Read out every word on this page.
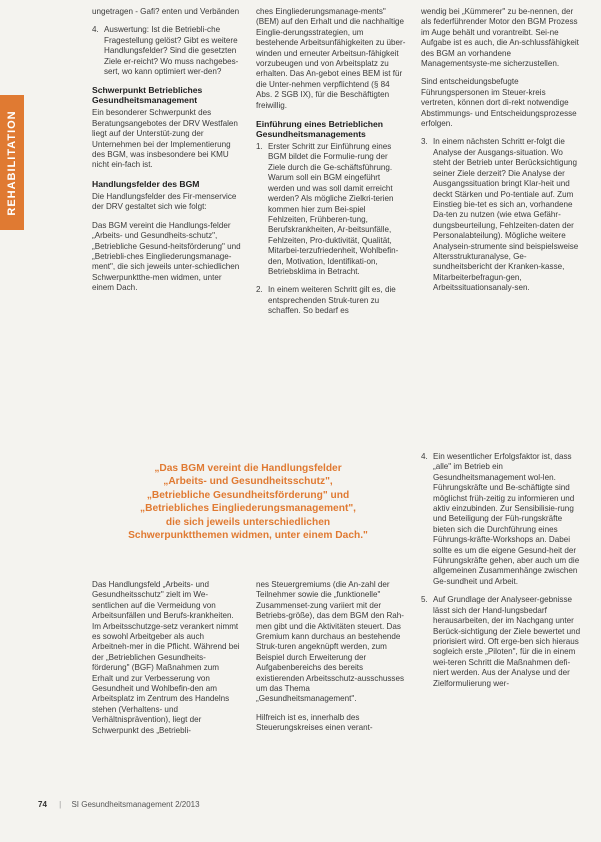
REHABILITATION

ungetragen - Gafi? enten und Verbänden

4. Auswertung: Ist die Betriebli-che Fragestellung gelöst? Gibt es weitere Handlungsfelder? Sind die gesetzten Ziele er-reicht? Wo muss nachgebes-sert, wo kann optimiert wer-den?

Schwerpunkt Betriebliches Gesundheitsmanagement

Ein besonderer Schwerpunkt des Beratungsangebotes der DRV Westfalen liegt auf der Unterstüt-zung der Unternehmen bei der Implementierung des BGM, was insbesondere bei KMU nicht ein-fach ist.

Handlungsfelder des BGM

Die Handlungsfelder des Fir-menservice der DRV gestaltet sich wie folgt:

Das BGM vereint die Handlungs-felder „Arbeits- und Gesundheits-schutz", „Betriebliche Gesund-heitsförderung" und „Betriebli-ches Eingliederungsmanage-ment", die sich jeweils unter-schiedlichen Schwerpunktthe-men widmen, unter einem Dach.

ches Eingliederungsmanage-ments" (BEM) auf den Erhalt und die nachhaltige Einglie-derungsstrategien, um bestehende Arbeitsunfähigkeiten zu über-winden und erneuter Arbeitsun-fähigkeit vorzubeugen und von Arbeitsplatz zu erhalten. Das An-gebot eines BEM ist für die Unter-nehmen verpflichtend (§ 84 Abs. 2 SGB IX), für die Beschäftigten freiwillig.

Einführung eines Betrieblichen Gesundheitsmanagements

1. Erster Schritt zur Einführung eines BGM bildet die Formulie-rung der Ziele durch die Ge-schäftsführung. Warum soll ein BGM eingeführt werden und was soll damit erreicht werden? Als mögliche Zielkri-terien kommen hier zum Bei-spiel Fehlzeiten, Frühberen-tung, Berufskrankheiten, Ar-beitsunfälle, Fehlzeiten, Pro-duktivität, Qualität, Mitarbei-terzufriedenheit, Wohlbefin-den, Motivation, Identifikati-on, Betriebsklima in Betracht.

2. In einem weiteren Schritt gilt es, die entsprechenden Struk-turen zu schaffen. So bedarf es

wendig bei „Kümmerer" zu be-nennen, der als federführender Motor den BGM Prozess im Auge behält und vorantreibt. Sei-ne Aufgabe ist es auch, die An-schlussfähigkeit des BGM an vorhandene Managementsyste-me sicherzustellen.

Sind entscheidungsbefugte Führungspersonen im Steuer-kreis vertreten, können dort di-rekt notwendige Abstimmungs- und Entscheidungsprozesse erfolgen.

3. In einem nächsten Schritt er-folgt die Analyse der Ausgangs-situation. Wo steht der Betrieb unter Berücksichtigung seiner Ziele derzeit? Die Analyse der Ausgangssituation bringt Klar-heit und deckt Stärken und Po-tentiale auf. Zum Einstieg bie-tet es sich an, vorhandene Da-ten zu nutzen (wie etwa Gefähr-dungsbeurteilung, Fehlzeiten-daten der Personalabteilung). Mögliche weitere Analysein-strumente sind beispielsweise Altersstrukturanalyse, Ge-sundheitsbericht der Kranken-kasse, Mitarbeiterbefragun-gen, Arbeitssituationsanaly-sen.

„Das BGM vereint die Handlungsfelder
„Arbeits- und Gesundheitsschutz",
„Betriebliche Gesundheitsförderung" und
„Betriebliches Eingliederungsmanagement",
die sich jeweils unterschiedlichen
Schwerpunktthemen widmen, unter einem Dach."

Das Handlungsfeld „Arbeits- und Gesundheitsschutz" zielt im We-sentlichen auf die Vermeidung von Arbeitsunfällen und Berufs-krankheiten. Im Arbeitsschutzge-setz verankert nimmt es sowohl Arbeitgeber als auch Arbeitneh-mer in die Pflicht. Während bei der „Betrieblichen Gesundheits-förderung" (BGF) Maßnahmen zum Erhalt und zur Verbesserung von Gesundheit und Wohlbefin-den am Arbeitsplatz im Zentrum des Handelns stehen (Verhaltens- und Verhältnisprävention), liegt der Schwerpunkt des „Betriebli-

nes Steuergremiums (die An-zahl der Teilnehmer sowie die „funktionelle" Zusammenset-zung variiert mit der Betriebs-größe), das dem BGM den Rah-men gibt und die Aktivitäten steuert. Das Gremium kann durchaus an bestehende Struk-turen angeknüpft werden, zum Beispiel durch Erweiterung der Aufgabenbereichs des bereits existierenden Arbeitsschutz-ausschusses um das Thema „Gesundheitsmanagement".

Hilfreich ist es, innerhalb des Steuerungskreises einen verant-

4. Ein wesentlicher Erfolgsfaktor ist, dass „alle" im Betrieb ein Gesundheitsmanagement wol-len. Führungskräfte und Be-schäftigte sind möglichst früh-zeitig zu informieren und aktiv einzubinden. Zur Sensibilisie-rung und Beteiligung der Füh-rungskräfte bieten sich die Durchführung eines Führungs-kräfte-Workshops an. Dabei sollte es um die eigene Gesund-heit der Führungskräfte gehen, aber auch um die allgemeinen Zusammenhänge zwischen Ge-sundheit und Arbeit.

5. Auf Grundlage der Analyseer-gebnisse lässt sich der Hand-lungsbedarf herausarbeiten, der im Nachgang unter Berück-sichtigung der Ziele bewertet und priorisiert wird. Oft erge-ben sich hieraus sogleich erste „Piloten", für die in einem wei-teren Schritt die Maßnahmen defi-niert werden. Aus der Analyse und der Zielformulierung wer-

74 | SI Gesundheitsmanagement 2/2013
